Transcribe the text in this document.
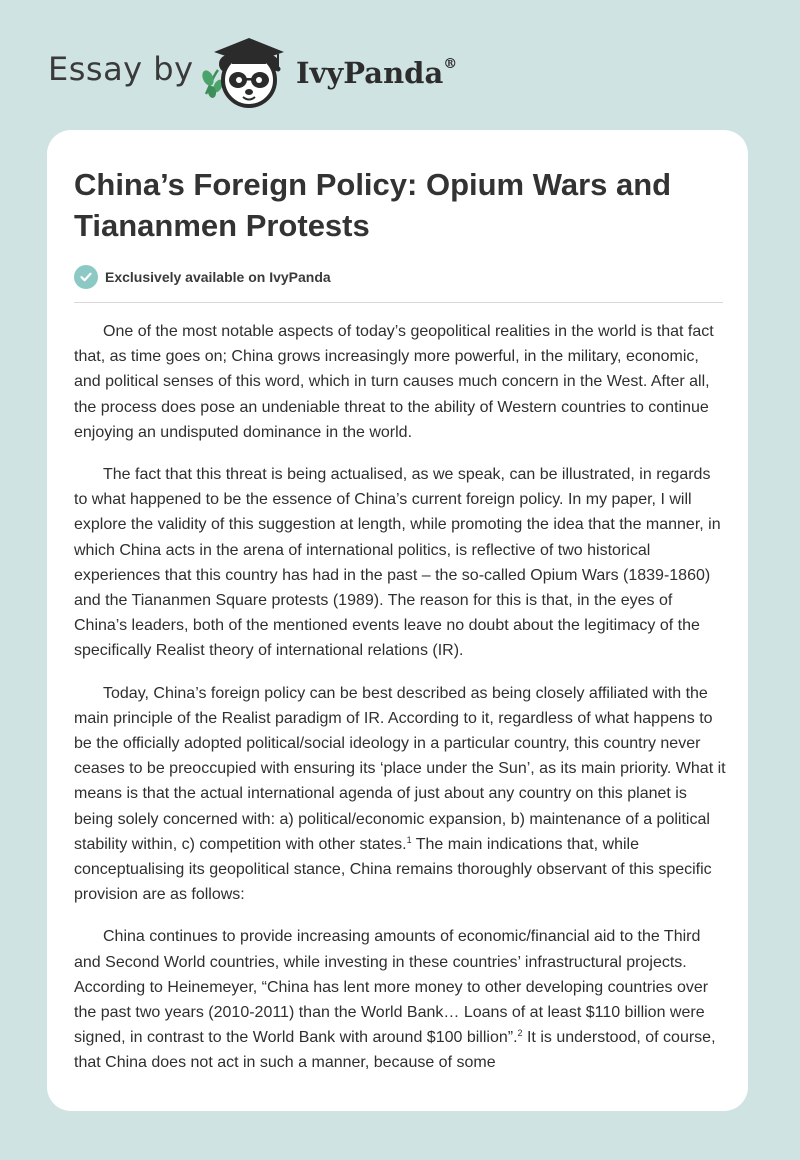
Essay by	IvyPanda®
China’s Foreign Policy: Opium Wars and Tiananmen Protests
Exclusively available on IvyPanda

One of the most notable aspects of today’s geopolitical realities in the world is that fact that, as time goes on; China grows increasingly more powerful, in the military, economic, and political senses of this word, which in turn causes much concern in the West. After all, the process does pose an undeniable threat to the ability of Western countries to continue enjoying an undisputed dominance in the world.

The fact that this threat is being actualised, as we speak, can be illustrated, in regards to what happened to be the essence of China’s current foreign policy. In my paper, I will explore the validity of this suggestion at length, while promoting the idea that the manner, in which China acts in the arena of international politics, is reflective of two historical experiences that this country has had in the past – the so-called Opium Wars (1839-1860) and the Tiananmen Square protests (1989). The reason for this is that, in the eyes of China’s leaders, both of the mentioned events leave no doubt about the legitimacy of the specifically Realist theory of international relations (IR).

Today, China’s foreign policy can be best described as being closely affiliated with the main principle of the Realist paradigm of IR. According to it, regardless of what happens to be the officially adopted political/social ideology in a particular country, this country never ceases to be preoccupied with ensuring its ‘place under the Sun’, as its main priority. What it means is that the actual international agenda of just about any country on this planet is being solely concerned with: a) political/economic expansion, b) maintenance of a political stability within, c) competition with other states.$^1$ The main indications that, while conceptualising its geopolitical stance, China remains thoroughly observant of this specific provision are as follows:

China continues to provide increasing amounts of economic/financial aid to the Third and Second World countries, while investing in these countries’ infrastructural projects. According to Heinemeyer, “China has lent more money to other developing countries over the past two years (2010-2011) than the World Bank… Loans of at least $110 billion were signed, in contrast to the World Bank with around $100 billion”.$^2$ It is understood, of course, that China does not act in such a manner, because of some
